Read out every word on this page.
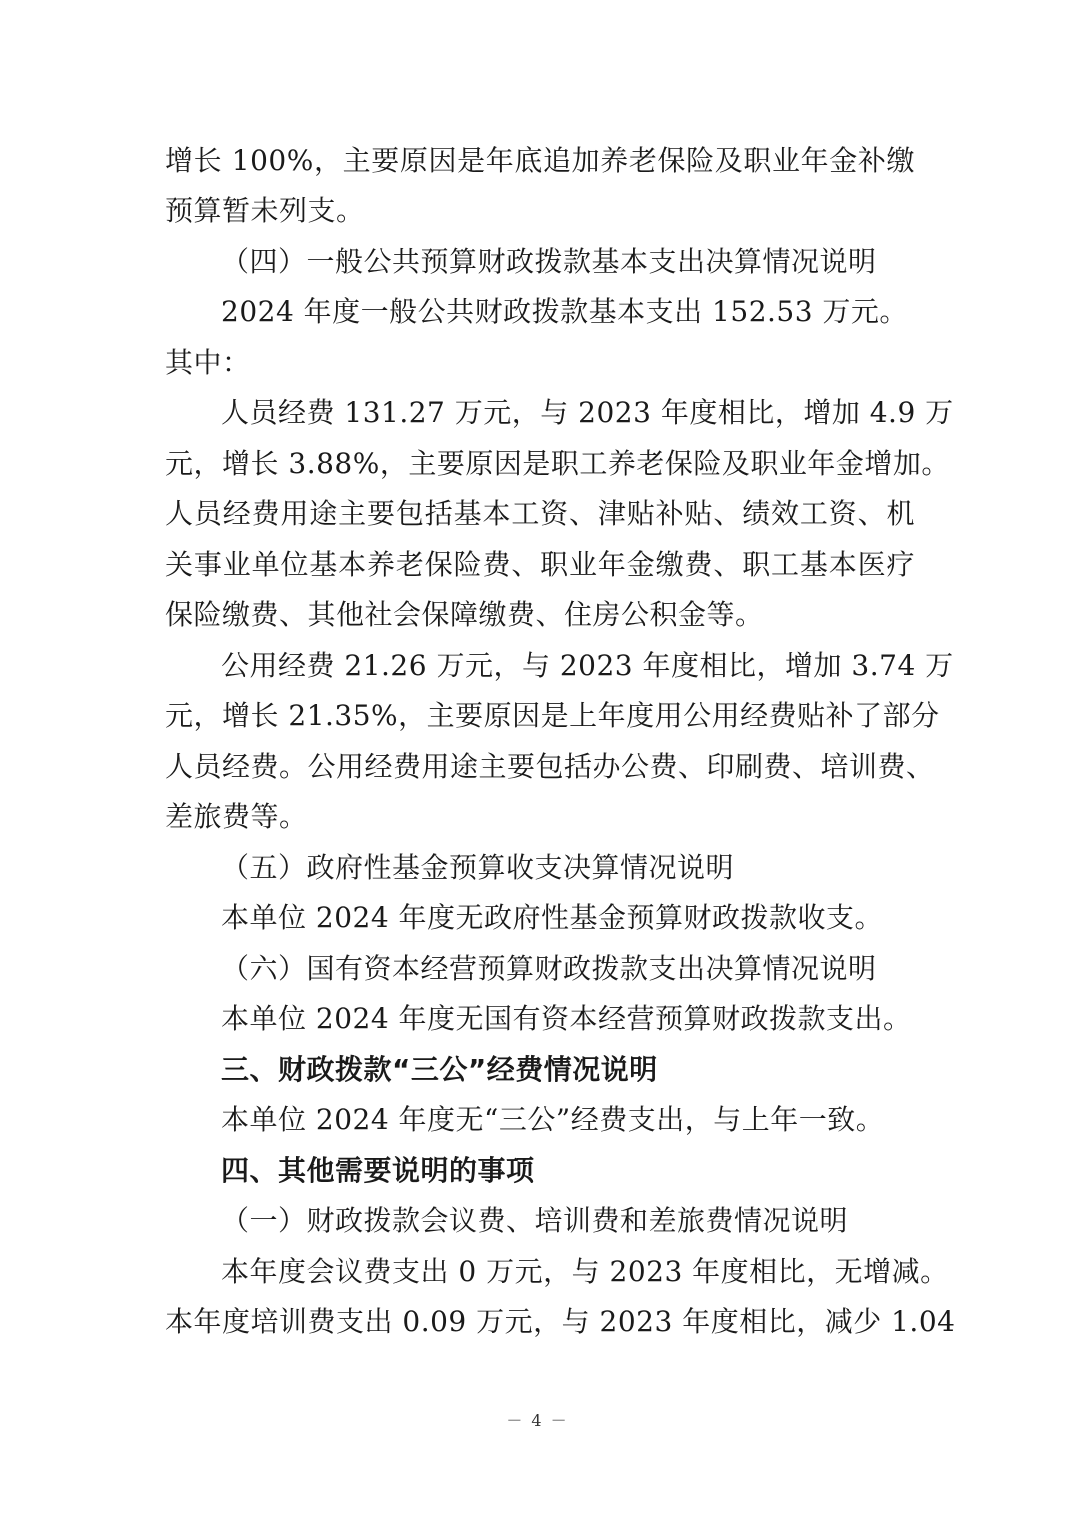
增长 100%，主要原因是年底追加养老保险及职业年金补缴
预算暂未列支。
（四）一般公共预算财政拨款基本支出决算情况说明
2024 年度一般公共财政拨款基本支出 152.53 万元。
其中：
人员经费 131.27 万元，与 2023 年度相比，增加 4.9 万
元，增长 3.88%，主要原因是职工养老保险及职业年金增加。
人员经费用途主要包括基本工资、津贴补贴、绩效工资、机
关事业单位基本养老保险费、职业年金缴费、职工基本医疗
保险缴费、其他社会保障缴费、住房公积金等。
公用经费 21.26 万元，与 2023 年度相比，增加 3.74 万
元，增长 21.35%，主要原因是上年度用公用经费贴补了部分
人员经费。公用经费用途主要包括办公费、印刷费、培训费、
差旅费等。
（五）政府性基金预算收支决算情况说明
本单位 2024 年度无政府性基金预算财政拨款收支。
（六）国有资本经营预算财政拨款支出决算情况说明
本单位 2024 年度无国有资本经营预算财政拨款支出。
三、财政拨款“三公”经费情况说明
本单位 2024 年度无“三公”经费支出，与上年一致。
四、其他需要说明的事项
（一）财政拨款会议费、培训费和差旅费情况说明
本年度会议费支出 0 万元，与 2023 年度相比，无增减。
本年度培训费支出 0.09 万元，与 2023 年度相比，减少 1.04
－ 4 －
